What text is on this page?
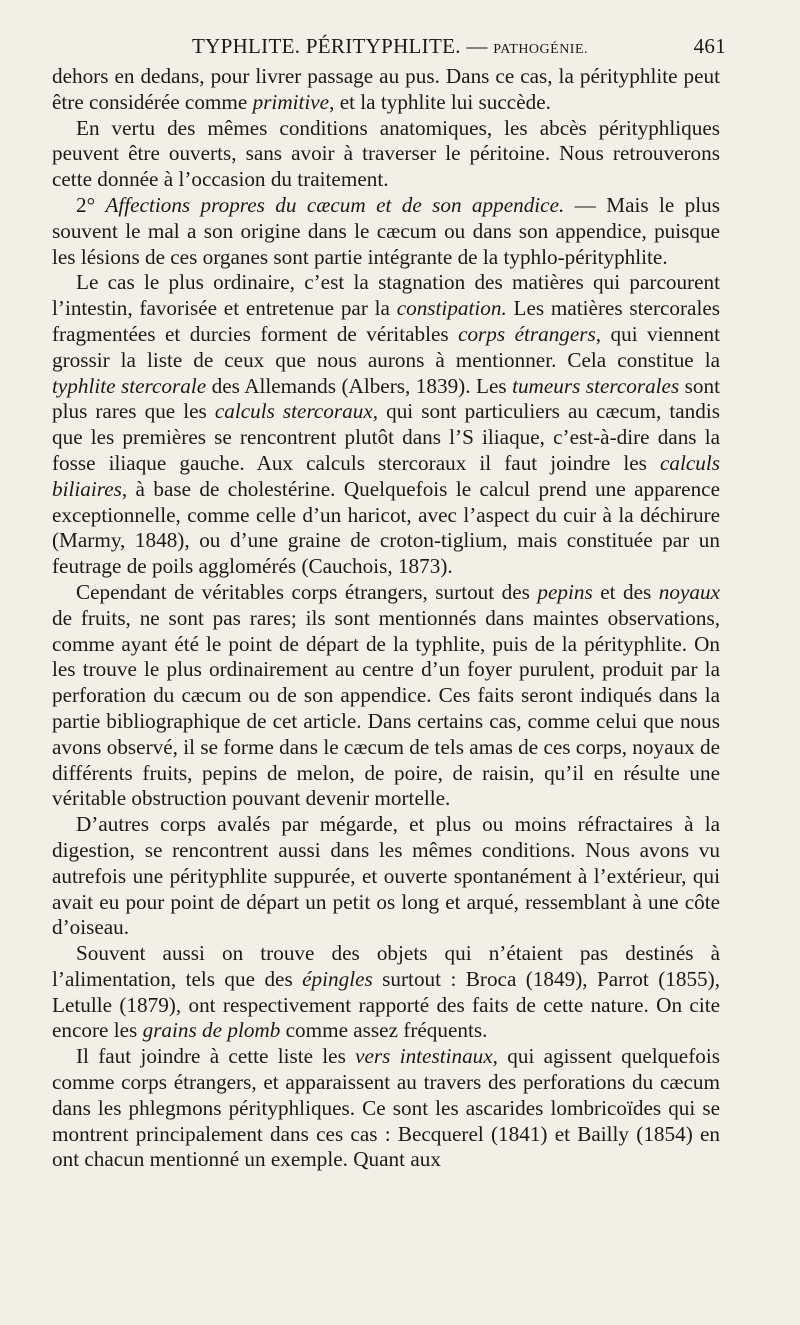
TYPHLITE. PÉRITYPHLITE. — PATHOGÉNIE.	461

dehors en dedans, pour livrer passage au pus. Dans ce cas, la pérityphlite peut être considérée comme primitive, et la typhlite lui succède.

En vertu des mêmes conditions anatomiques, les abcès pérityphliques peuvent être ouverts, sans avoir à traverser le péritoine. Nous retrouverons cette donnée à l’occasion du traitement.

2° Affections propres du cæcum et de son appendice. — Mais le plus souvent le mal a son origine dans le cæcum ou dans son appendice, puisque les lésions de ces organes sont partie intégrante de la typhlo-pérityphlite.

Le cas le plus ordinaire, c’est la stagnation des matières qui parcourent l’intestin, favorisée et entretenue par la constipation. Les matières stercorales fragmentées et durcies forment de véritables corps étrangers, qui viennent grossir la liste de ceux que nous aurons à mentionner. Cela constitue la typhlite stercorale des Allemands (Albers, 1839). Les tumeurs stercorales sont plus rares que les calculs stercoraux, qui sont particuliers au cæcum, tandis que les premières se rencontrent plutôt dans l’S iliaque, c’est-à-dire dans la fosse iliaque gauche. Aux calculs stercoraux il faut joindre les calculs biliaires, à base de cholestérine. Quelquefois le calcul prend une apparence exceptionnelle, comme celle d’un haricot, avec l’aspect du cuir à la déchirure (Marmy, 1848), ou d’une graine de croton-tiglium, mais constituée par un feutrage de poils agglomérés (Cauchois, 1873).

Cependant de véritables corps étrangers, surtout des pepins et des noyaux de fruits, ne sont pas rares; ils sont mentionnés dans maintes observations, comme ayant été le point de départ de la typhlite, puis de la pérityphlite. On les trouve le plus ordinairement au centre d’un foyer purulent, produit par la perforation du cæcum ou de son appendice. Ces faits seront indiqués dans la partie bibliographique de cet article. Dans certains cas, comme celui que nous avons observé, il se forme dans le cæcum de tels amas de ces corps, noyaux de différents fruits, pepins de melon, de poire, de raisin, qu’il en résulte une véritable obstruction pouvant devenir mortelle.

D’autres corps avalés par mégarde, et plus ou moins réfractaires à la digestion, se rencontrent aussi dans les mêmes conditions. Nous avons vu autrefois une pérityphlite suppurée, et ouverte spontanément à l’extérieur, qui avait eu pour point de départ un petit os long et arqué, ressemblant à une côte d’oiseau.

Souvent aussi on trouve des objets qui n’étaient pas destinés à l’alimentation, tels que des épingles surtout : Broca (1849), Parrot (1855), Letulle (1879), ont respectivement rapporté des faits de cette nature. On cite encore les grains de plomb comme assez fréquents.

Il faut joindre à cette liste les vers intestinaux, qui agissent quelquefois comme corps étrangers, et apparaissent au travers des perforations du cæcum dans les phlegmons pérityphliques. Ce sont les ascarides lombricoïdes qui se montrent principalement dans ces cas : Becquerel (1841) et Bailly (1854) en ont chacun mentionné un exemple. Quant aux
